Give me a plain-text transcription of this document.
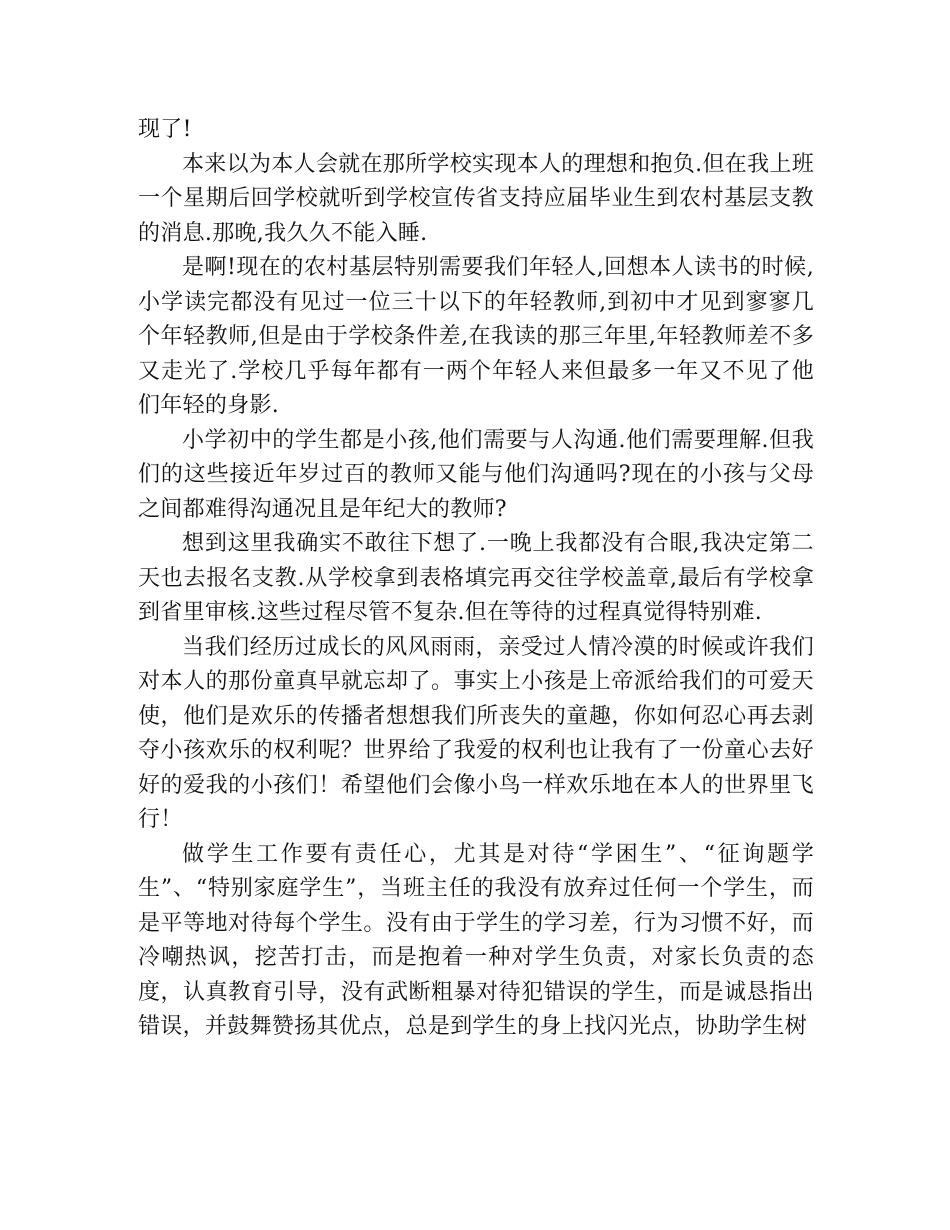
现了!

本来以为本人会就在那所学校实现本人的理想和抱负.但在我上班一个星期后回学校就听到学校宣传省支持应届毕业生到农村基层支教的消息.那晚,我久久不能入睡.

是啊!现在的农村基层特别需要我们年轻人,回想本人读书的时候,小学读完都没有见过一位三十以下的年轻教师,到初中才见到寥寥几个年轻教师,但是由于学校条件差,在我读的那三年里,年轻教师差不多又走光了.学校几乎每年都有一两个年轻人来但最多一年又不见了他们年轻的身影.

小学初中的学生都是小孩,他们需要与人沟通.他们需要理解.但我们的这些接近年岁过百的教师又能与他们沟通吗?现在的小孩与父母之间都难得沟通况且是年纪大的教师?

想到这里我确实不敢往下想了.一晚上我都没有合眼,我决定第二天也去报名支教.从学校拿到表格填完再交往学校盖章,最后有学校拿到省里审核.这些过程尽管不复杂.但在等待的过程真觉得特别难.

当我们经历过成长的风风雨雨，亲受过人情冷漠的时候或许我们对本人的那份童真早就忘却了。事实上小孩是上帝派给我们的可爱天使，他们是欢乐的传播者想想我们所丧失的童趣，你如何忍心再去剥夺小孩欢乐的权利呢？世界给了我爱的权利也让我有了一份童心去好好的爱我的小孩们！希望他们会像小鸟一样欢乐地在本人的世界里飞行！

做学生工作要有责任心，尤其是对待“学困生”、“征询题学生”、“特别家庭学生”，当班主任的我没有放弃过任何一个学生，而是平等地对待每个学生。没有由于学生的学习差，行为习惯不好，而冷嘲热讽，挖苦打击，而是抱着一种对学生负责，对家长负责的态度，认真教育引导，没有武断粗暴对待犯错误的学生，而是诚恳指出错误，并鼓舞赞扬其优点，总是到学生的身上找闪光点，协助学生树
